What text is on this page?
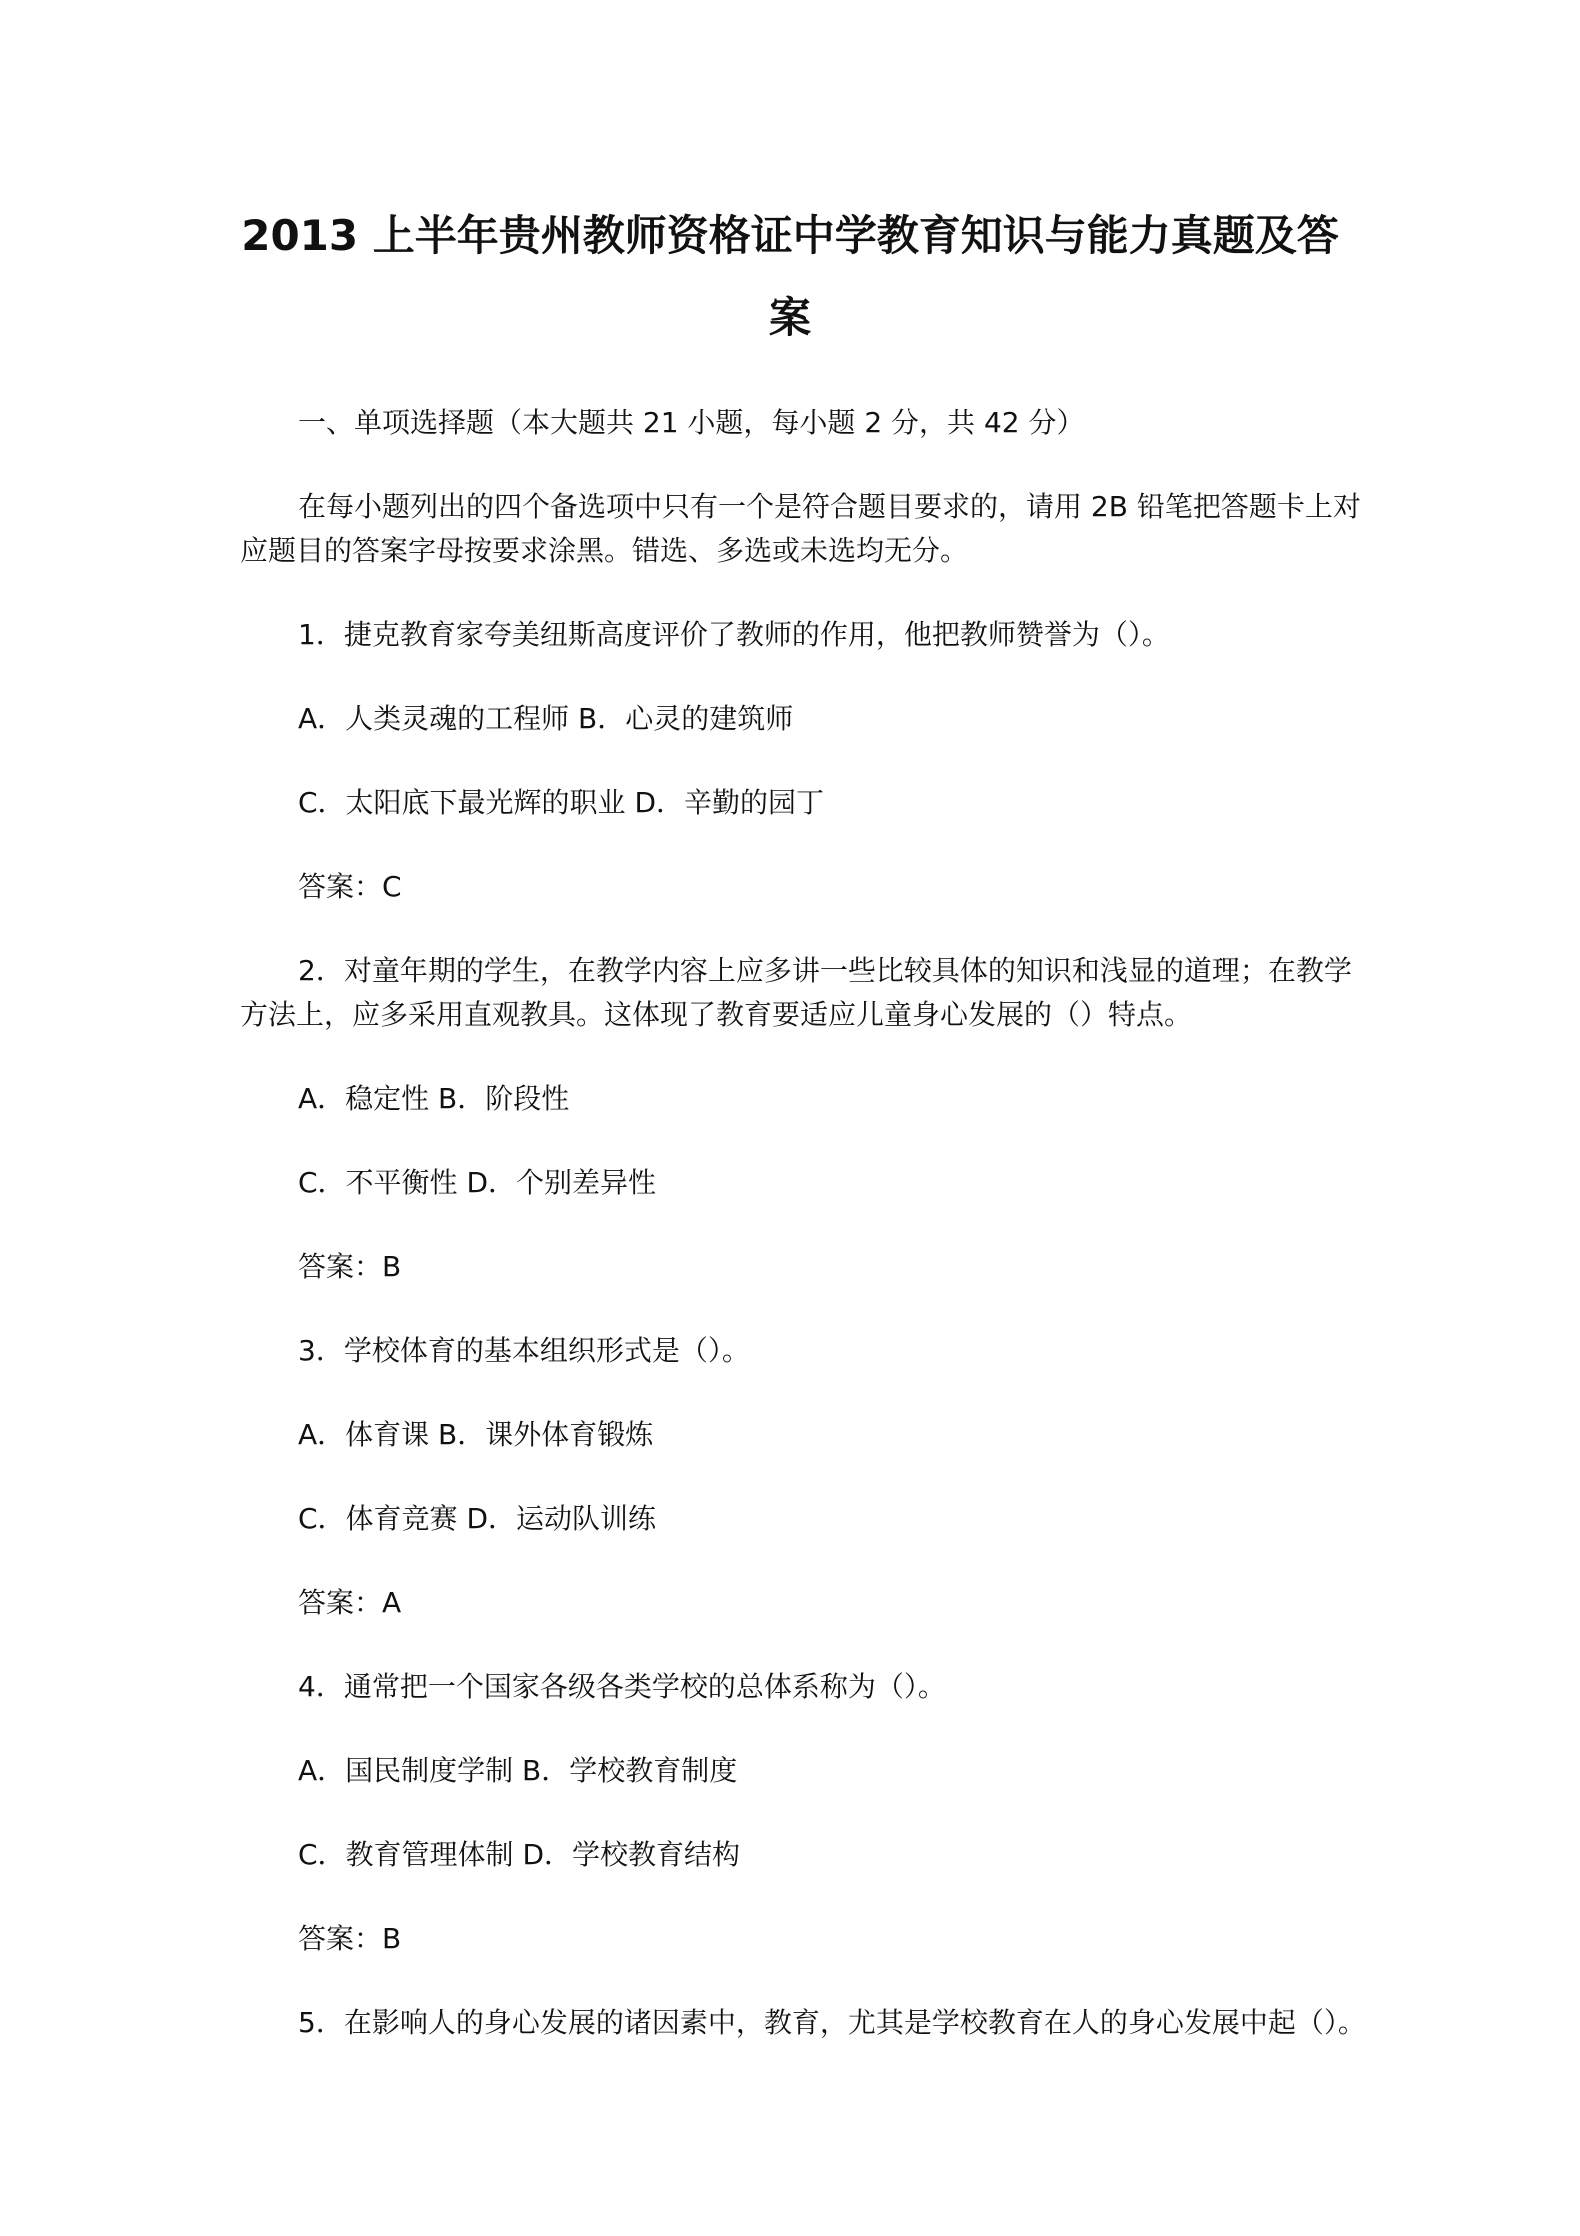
2013 上半年贵州教师资格证中学教育知识与能力真题及答
案

一、单项选择题（本大题共 21 小题，每小题 2 分，共 42 分）

在每小题列出的四个备选项中只有一个是符合题目要求的，请用 2B 铅笔把答题卡上对

应题目的答案字母按要求涂黑。错选、多选或未选均无分。

1．捷克教育家夸美纽斯高度评价了教师的作用，他把教师赞誉为（）。

A．人类灵魂的工程师 B．心灵的建筑师

C．太阳底下最光辉的职业 D．辛勤的园丁

答案：C

2．对童年期的学生，在教学内容上应多讲一些比较具体的知识和浅显的道理；在教学

方法上，应多采用直观教具。这体现了教育要适应儿童身心发展的（）特点。

A．稳定性 B．阶段性

C．不平衡性 D．个别差异性

答案：B

3．学校体育的基本组织形式是（）。

A．体育课 B．课外体育锻炼

C．体育竞赛 D．运动队训练

答案：A

4．通常把一个国家各级各类学校的总体系称为（）。

A．国民制度学制 B．学校教育制度

C．教育管理体制 D．学校教育结构

答案：B

5．在影响人的身心发展的诸因素中，教育，尤其是学校教育在人的身心发展中起（）。
